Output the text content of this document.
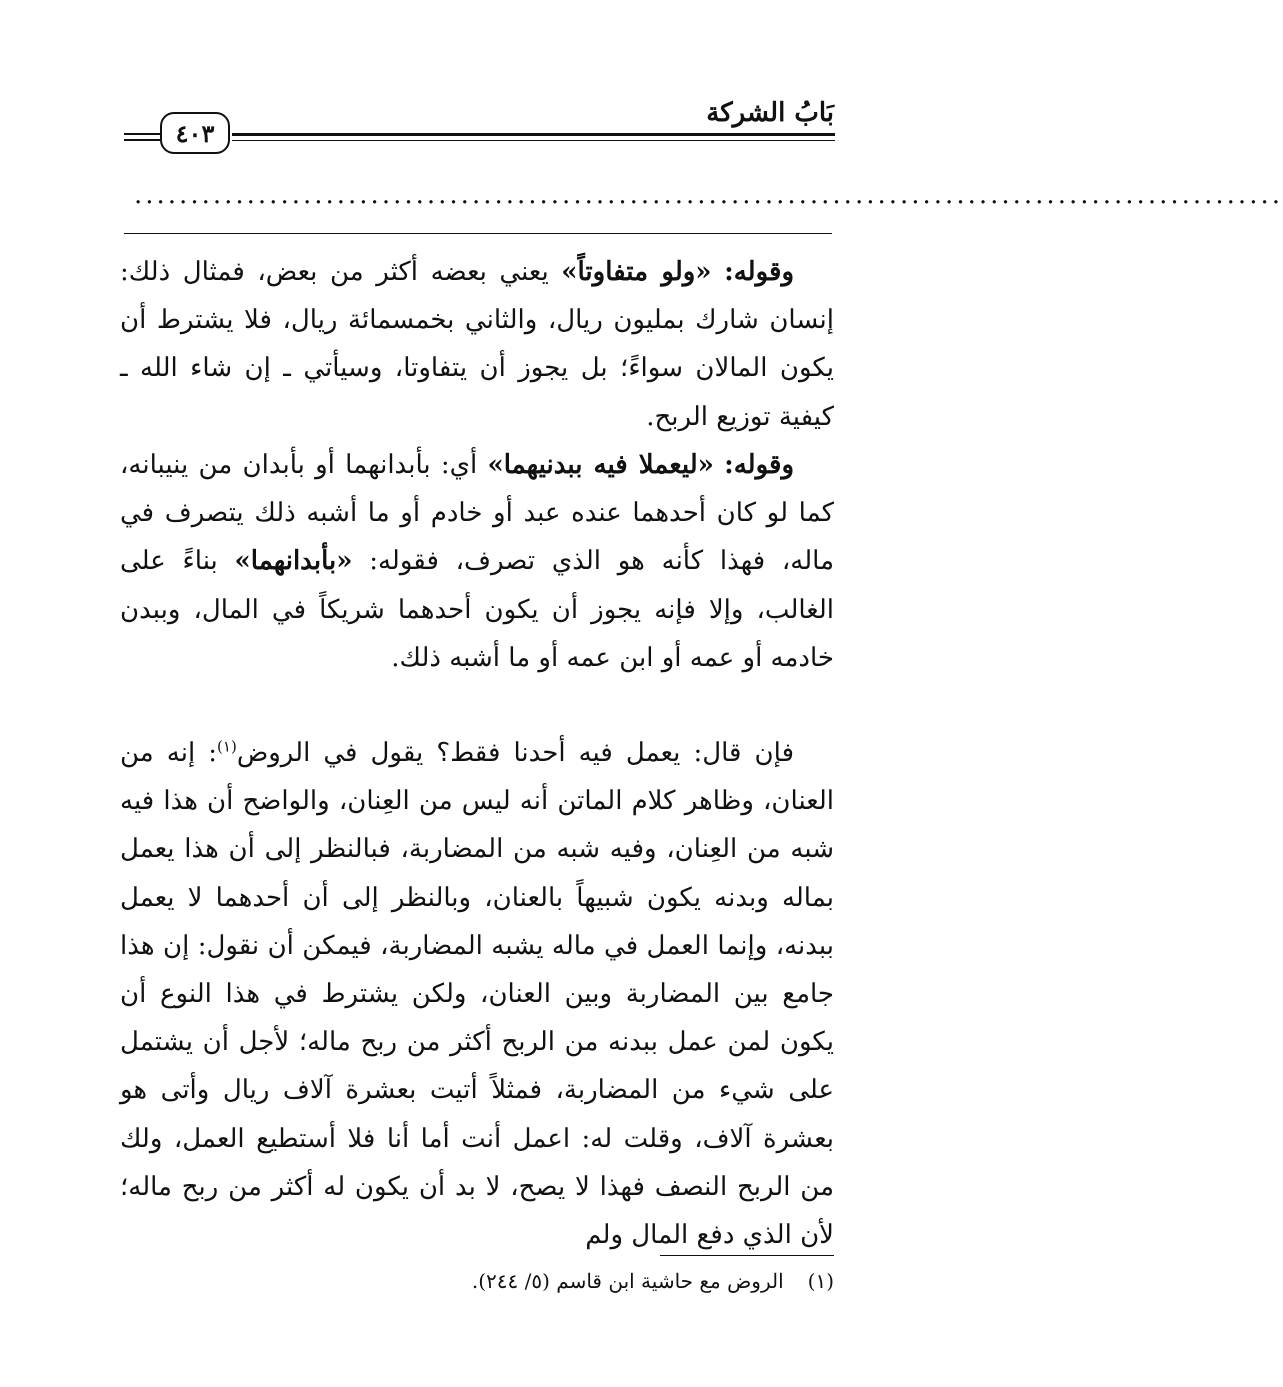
بَابُ الشركة
٤٠٣
......................................................................................................
وقوله: «ولو متفاوتاً» يعني بعضه أكثر من بعض، فمثال ذلك: إنسان شارك بمليون ريال، والثاني بخمسمائة ريال، فلا يشترط أن يكون المالان سواءً؛ بل يجوز أن يتفاوتا، وسيأتي ـ إن شاء الله ـ كيفية توزيع الربح.
وقوله: «ليعملا فيه ببدنيهما» أي: بأبدانهما أو بأبدان من ينيبانه، كما لو كان أحدهما عنده عبد أو خادم أو ما أشبه ذلك يتصرف في ماله، فهذا كأنه هو الذي تصرف، فقوله: «بأبدانهما» بناءً على الغالب، وإلا فإنه يجوز أن يكون أحدهما شريكاً في المال، وببدن خادمه أو عمه أو ابن عمه أو ما أشبه ذلك.
فإن قال: يعمل فيه أحدنا فقط؟ يقول في الروض$^{(١)}$: إنه من العنان، وظاهر كلام الماتن أنه ليس من العِنان، والواضح أن هذا فيه شبه من العِنان، وفيه شبه من المضاربة، فبالنظر إلى أن هذا يعمل بماله وبدنه يكون شبيهاً بالعنان، وبالنظر إلى أن أحدهما لا يعمل ببدنه، وإنما العمل في ماله يشبه المضاربة، فيمكن أن نقول: إن هذا جامع بين المضاربة وبين العنان، ولكن يشترط في هذا النوع أن يكون لمن عمل ببدنه من الربح أكثر من ربح ماله؛ لأجل أن يشتمل على شيء من المضاربة، فمثلاً أتيت بعشرة آلاف ريال وأتى هو بعشرة آلاف، وقلت له: اعمل أنت أما أنا فلا أستطيع العمل، ولك من الربح النصف فهذا لا يصح، لا بد أن يكون له أكثر من ربح ماله؛ لأن الذي دفع المال ولم
(١)الروض مع حاشية ابن قاسم (٥/ ٢٤٤).
